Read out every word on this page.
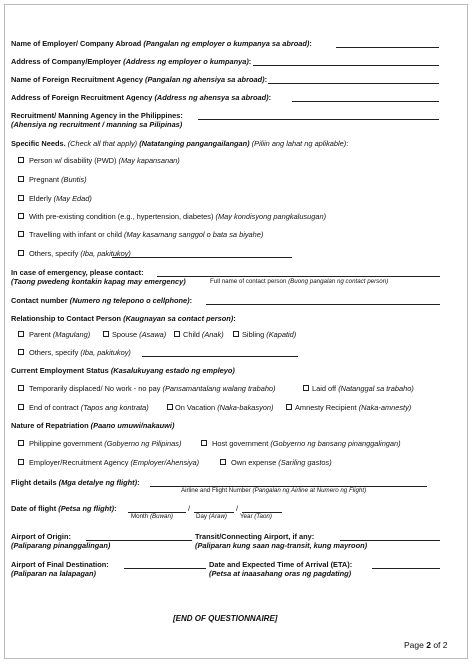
Name of Employer/ Company Abroad (Pangalan ng employer o kumpanya sa abroad):
Address of Company/Employer (Address ng employer o kumpanya):
Name of Foreign Recruitment Agency (Pangalan ng ahensiya sa abroad):
Address of Foreign Recruitment Agency (Address ng ahensya sa abroad):
Recruitment/ Manning Agency in the Philippines:
(Ahensiya ng recruitment / manning sa Pilipinas)
Specific Needs. (Check all that apply) (Natatanging pangangailangan) (Piliin ang lahat ng aplikable):
Person w/ disability (PWD) (May kapansanan)
Pregnant (Buntis)
Elderly (May Edad)
With pre-existing condition (e.g., hypertension, diabetes) (May kondisyong pangkalusugan)
Travelling with infant or child (May kasamang sanggol o bata sa biyahe)
Others, specify (Iba, pakitukoy)
In case of emergency, please contact:
(Taong pwedeng kontakin kapag may emergency)	Full name of contact person (Buong pangalan ng contact person)
Contact number (Numero ng telepono o cellphone):
Relationship to Contact Person (Kaugnayan sa contact person):
Parent (Magulang)	Spouse (Asawa) Child (Anak) Sibling (Kapatid)
Others, specify (Iba, pakitukoy)
Current Employment Status (Kasalukuyang estado ng empleyo)
Temporarily displaced/ No work - no pay (Pansamantalang walang trabaho)	Laid off (Natanggal sa trabaho)
End of contract (Tapos ang kontrata)	On Vacation (Naka-bakasyon)	Amnesty Recipient (Naka-amnesty)
Nature of Repatriation (Paano umuwi/nakauwi)
Philippine government (Gobyerno ng Pilipinas)	Host government (Gobyerno ng bansang pinanggalingan)
Employer/Recruitment Agency (Employer/Ahensiya)	Own expense (Sariling gastos)
Flight details (Mga detalye ng flight):
Airline and Flight Number (Pangalan ng Airline at Numero ng Flight)
Date of flight (Petsa ng flight):	/	/
Month (Buwan)	Day (Araw) Year (Taon)
Airport of Origin:
(Paliparang pinanggalingan)
Transit/Connecting Airport, if any:
(Paliparan kung saan nag-transit, kung mayroon)
Airport of Final Destination:
(Paliparan na lalapagan)
Date and Expected Time of Arrival (ETA):
(Petsa at inaasahang oras ng pagdating)
[END OF QUESTIONNAIRE]
Page 2 of 2
